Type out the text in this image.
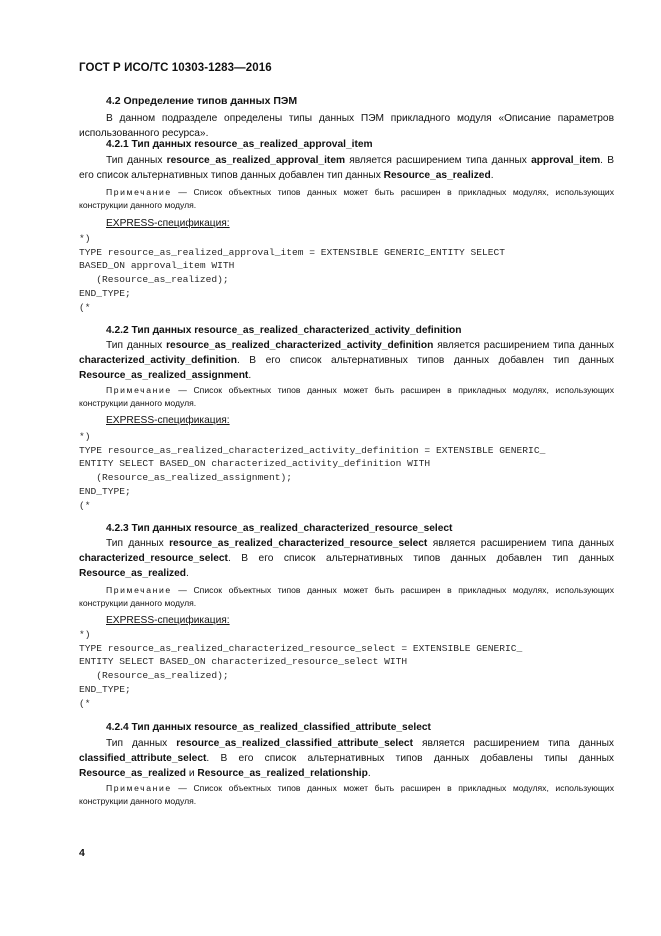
ГОСТ Р ИСО/ТС 10303-1283—2016
4.2 Определение типов данных ПЭМ
В данном подразделе определены типы данных ПЭМ прикладного модуля «Описание параметров использованного ресурса».
4.2.1 Тип данных resource_as_realized_approval_item
Тип данных resource_as_realized_approval_item является расширением типа данных approval_item. В его список альтернативных типов данных добавлен тип данных Resource_as_realized.
Примечание — Список объектных типов данных может быть расширен в прикладных модулях, использующих конструкции данного модуля.
EXPRESS-спецификация:
*)
TYPE resource_as_realized_approval_item = EXTENSIBLE GENERIC_ENTITY SELECT
BASED_ON approval_item WITH
(Resource_as_realized);
END_TYPE;
(*
4.2.2 Тип данных resource_as_realized_characterized_activity_definition
Тип данных resource_as_realized_characterized_activity_definition является расширением типа данных characterized_activity_definition. В его список альтернативных типов данных добавлен тип данных Resource_as_realized_assignment.
Примечание — Список объектных типов данных может быть расширен в прикладных модулях, использующих конструкции данного модуля.
EXPRESS-спецификация:
*)
TYPE resource_as_realized_characterized_activity_definition = EXTENSIBLE GENERIC_
ENTITY SELECT BASED_ON characterized_activity_definition WITH
(Resource_as_realized_assignment);
END_TYPE;
(*
4.2.3 Тип данных resource_as_realized_characterized_resource_select
Тип данных resource_as_realized_characterized_resource_select является расширением типа данных characterized_resource_select. В его список альтернативных типов данных добавлен тип данных Resource_as_realized.
Примечание — Список объектных типов данных может быть расширен в прикладных модулях, использующих конструкции данного модуля.
EXPRESS-спецификация:
*)
TYPE resource_as_realized_characterized_resource_select = EXTENSIBLE GENERIC_
ENTITY SELECT BASED_ON characterized_resource_select WITH
(Resource_as_realized);
END_TYPE;
(*
4.2.4 Тип данных resource_as_realized_classified_attribute_select
Тип данных resource_as_realized_classified_attribute_select является расширением типа данных classified_attribute_select. В его список альтернативных типов данных добавлены типы данных Resource_as_realized и Resource_as_realized_relationship.
Примечание — Список объектных типов данных может быть расширен в прикладных модулях, использующих конструкции данного модуля.
4
